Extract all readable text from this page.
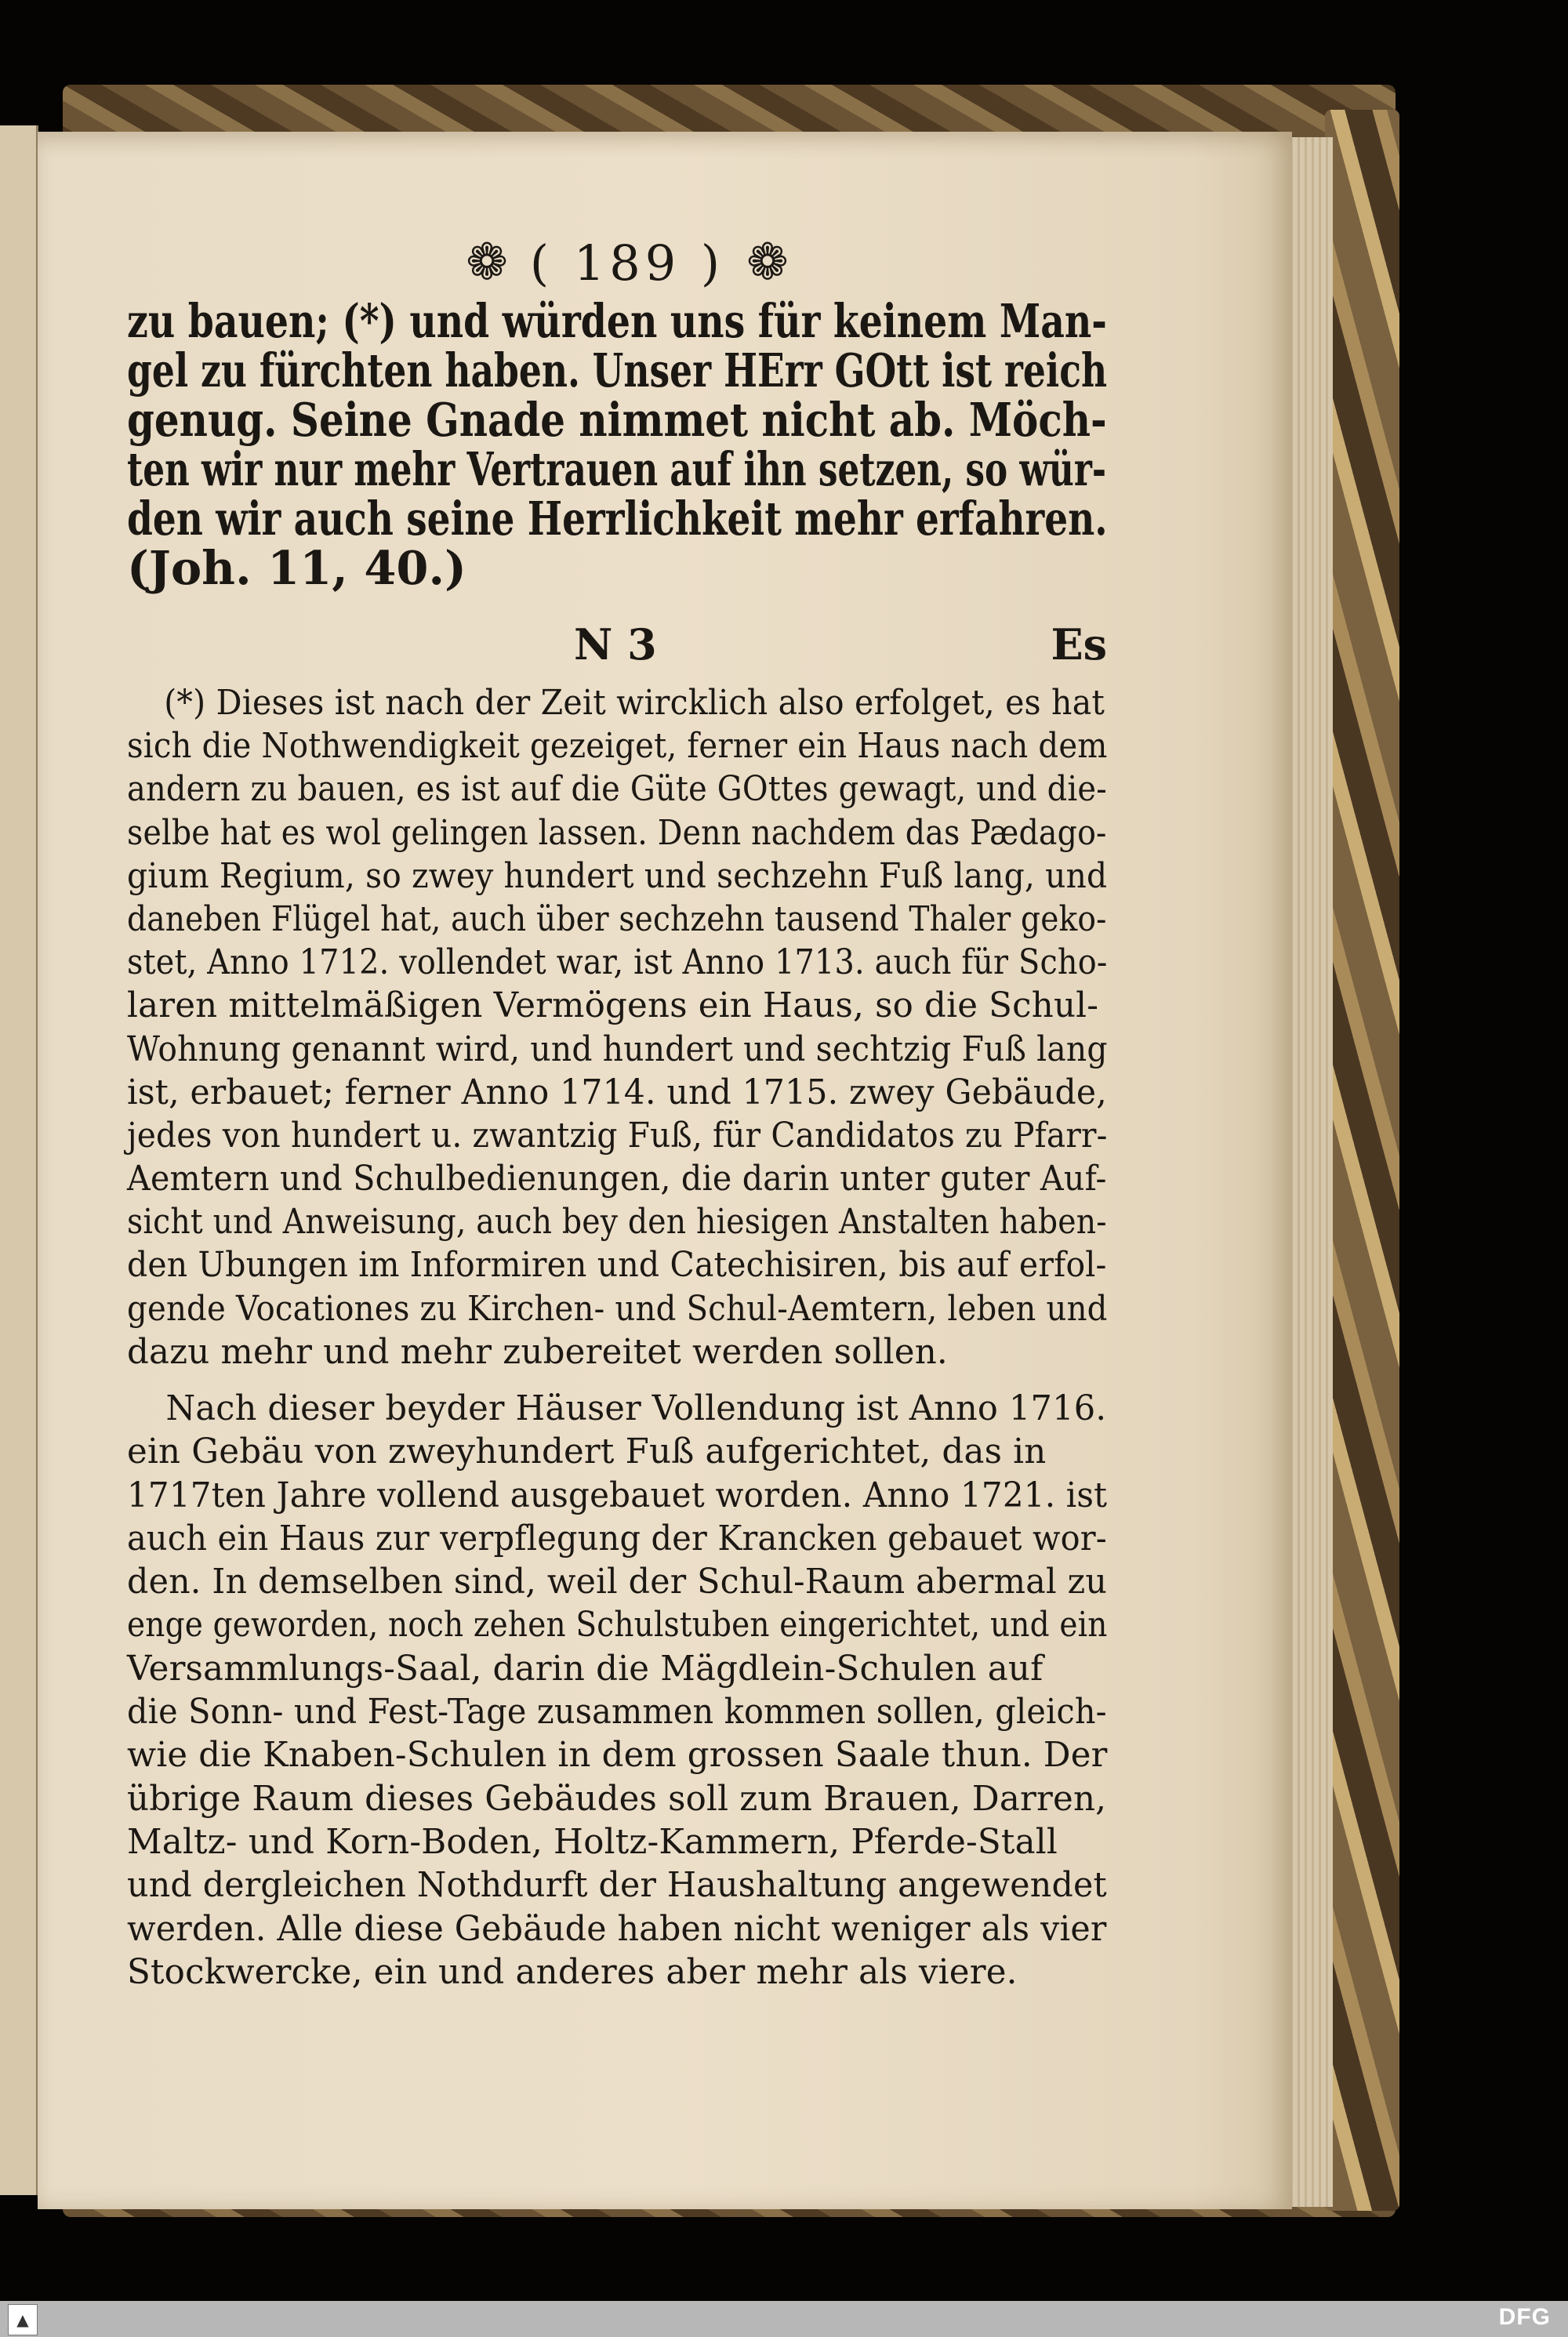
❁ ( 189 ) ❁
zu bauen; (*) und würden uns für keinem Man-
gel zu fürchten haben. Unser HErr GOtt ist reich
genug. Seine Gnade nimmet nicht ab. Möch-
ten wir nur mehr Vertrauen auf ihn setzen, so wür-
den wir auch seine Herrlichkeit mehr erfahren.
(Joh. 11, 40.)
N 3	Es
(*) Dieses ist nach der Zeit wircklich also erfolget, es hat
sich die Nothwendigkeit gezeiget, ferner ein Haus nach dem
andern zu bauen, es ist auf die Güte GOttes gewagt, und die-
selbe hat es wol gelingen lassen. Denn nachdem das Pædago-
gium Regium, so zwey hundert und sechzehn Fuß lang, und
daneben Flügel hat, auch über sechzehn tausend Thaler geko-
stet, Anno 1712. vollendet war, ist Anno 1713. auch für Scho-
laren mittelmäßigen Vermögens ein Haus, so die Schul-
Wohnung genannt wird, und hundert und sechtzig Fuß lang
ist, erbauet; ferner Anno 1714. und 1715. zwey Gebäude,
jedes von hundert u. zwantzig Fuß, für Candidatos zu Pfarr-
Aemtern und Schulbedienungen, die darin unter guter Auf-
sicht und Anweisung, auch bey den hiesigen Anstalten haben-
den Ubungen im Informiren und Catechisiren, bis auf erfol-
gende Vocationes zu Kirchen- und Schul-Aemtern, leben und
dazu mehr und mehr zubereitet werden sollen.
Nach dieser beyder Häuser Vollendung ist Anno 1716.
ein Gebäu von zweyhundert Fuß aufgerichtet, das in
1717ten Jahre vollend ausgebauet worden. Anno 1721. ist
auch ein Haus zur verpflegung der Krancken gebauet wor-
den. In demselben sind, weil der Schul-Raum abermal zu
enge geworden, noch zehen Schulstuben eingerichtet, und ein
Versammlungs-Saal, darin die Mägdlein-Schulen auf
die Sonn- und Fest-Tage zusammen kommen sollen, gleich-
wie die Knaben-Schulen in dem grossen Saale thun. Der
übrige Raum dieses Gebäudes soll zum Brauen, Darren,
Maltz- und Korn-Boden, Holtz-Kammern, Pferde-Stall
und dergleichen Nothdurft der Haushaltung angewendet
werden. Alle diese Gebäude haben nicht weniger als vier
Stockwercke, ein und anderes aber mehr als viere.
▲	DFG
